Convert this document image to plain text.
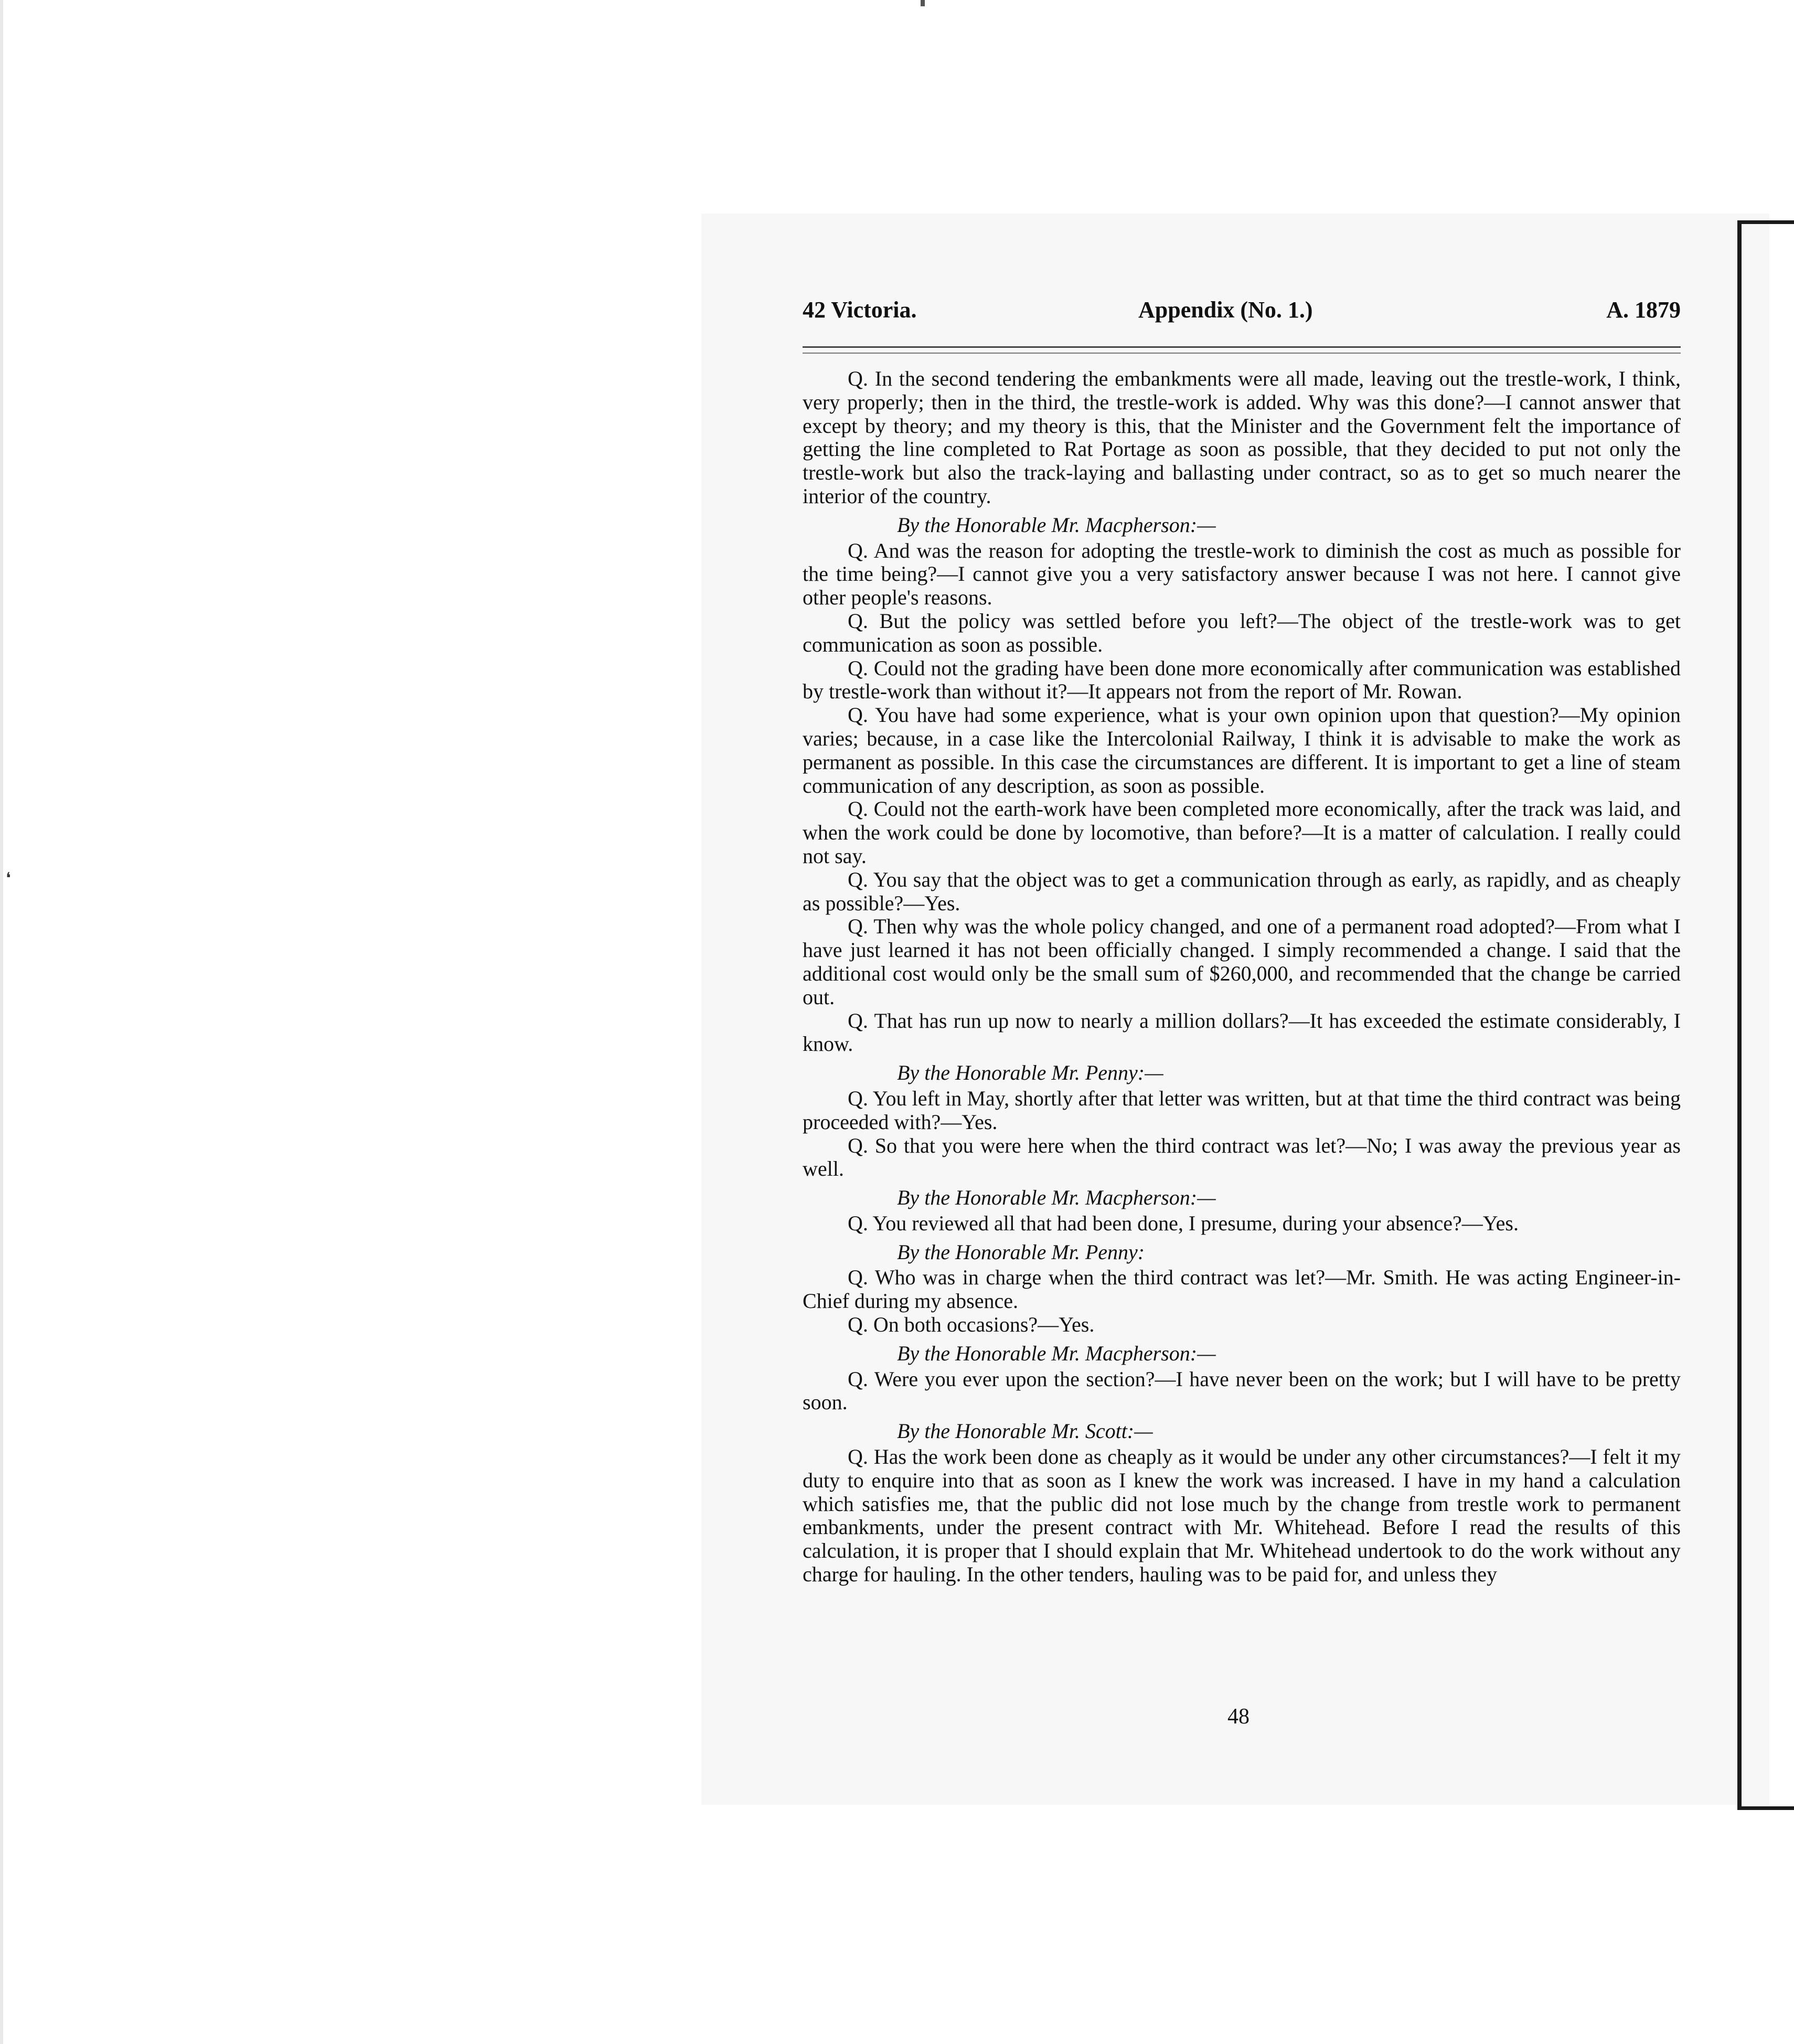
❛
42 Victoria.	Appendix (No. 1.)	A. 1879

Q. In the second tendering the embankments were all made, leaving out the trestle-work, I think, very properly; then in the third, the trestle-work is added. Why was this done?—I cannot answer that except by theory; and my theory is this, that the Minister and the Government felt the importance of getting the line completed to Rat Portage as soon as possible, that they decided to put not only the trestle-work but also the track-laying and ballasting under contract, so as to get so much nearer the interior of the country.

By the Honorable Mr. Macpherson:—

Q. And was the reason for adopting the trestle-work to diminish the cost as much as possible for the time being?—I cannot give you a very satisfactory answer because I was not here. I cannot give other people's reasons.

Q. But the policy was settled before you left?—The object of the trestle-work was to get communication as soon as possible.

Q. Could not the grading have been done more economically after communication was established by trestle-work than without it?—It appears not from the report of Mr. Rowan.

Q. You have had some experience, what is your own opinion upon that question?—My opinion varies; because, in a case like the Intercolonial Railway, I think it is advisable to make the work as permanent as possible. In this case the circumstances are different. It is important to get a line of steam communication of any description, as soon as possible.

Q. Could not the earth-work have been completed more economically, after the track was laid, and when the work could be done by locomotive, than before?—It is a matter of calculation. I really could not say.

Q. You say that the object was to get a communication through as early, as rapidly, and as cheaply as possible?—Yes.

Q. Then why was the whole policy changed, and one of a permanent road adopted?—From what I have just learned it has not been officially changed. I simply recommended a change. I said that the additional cost would only be the small sum of $260,000, and recommended that the change be carried out.

Q. That has run up now to nearly a million dollars?—It has exceeded the estimate considerably, I know.

By the Honorable Mr. Penny:—

Q. You left in May, shortly after that letter was written, but at that time the third contract was being proceeded with?—Yes.

Q. So that you were here when the third contract was let?—No; I was away the previous year as well.

By the Honorable Mr. Macpherson:—

Q. You reviewed all that had been done, I presume, during your absence?—Yes.

By the Honorable Mr. Penny:

Q. Who was in charge when the third contract was let?—Mr. Smith. He was acting Engineer-in-Chief during my absence.

Q. On both occasions?—Yes.

By the Honorable Mr. Macpherson:—

Q. Were you ever upon the section?—I have never been on the work; but I will have to be pretty soon.

By the Honorable Mr. Scott:—

Q. Has the work been done as cheaply as it would be under any other circumstances?—I felt it my duty to enquire into that as soon as I knew the work was increased. I have in my hand a calculation which satisfies me, that the public did not lose much by the change from trestle work to permanent embankments, under the present contract with Mr. Whitehead. Before I read the results of this calculation, it is proper that I should explain that Mr. Whitehead undertook to do the work without any charge for hauling. In the other tenders, hauling was to be paid for, and unless they

48
